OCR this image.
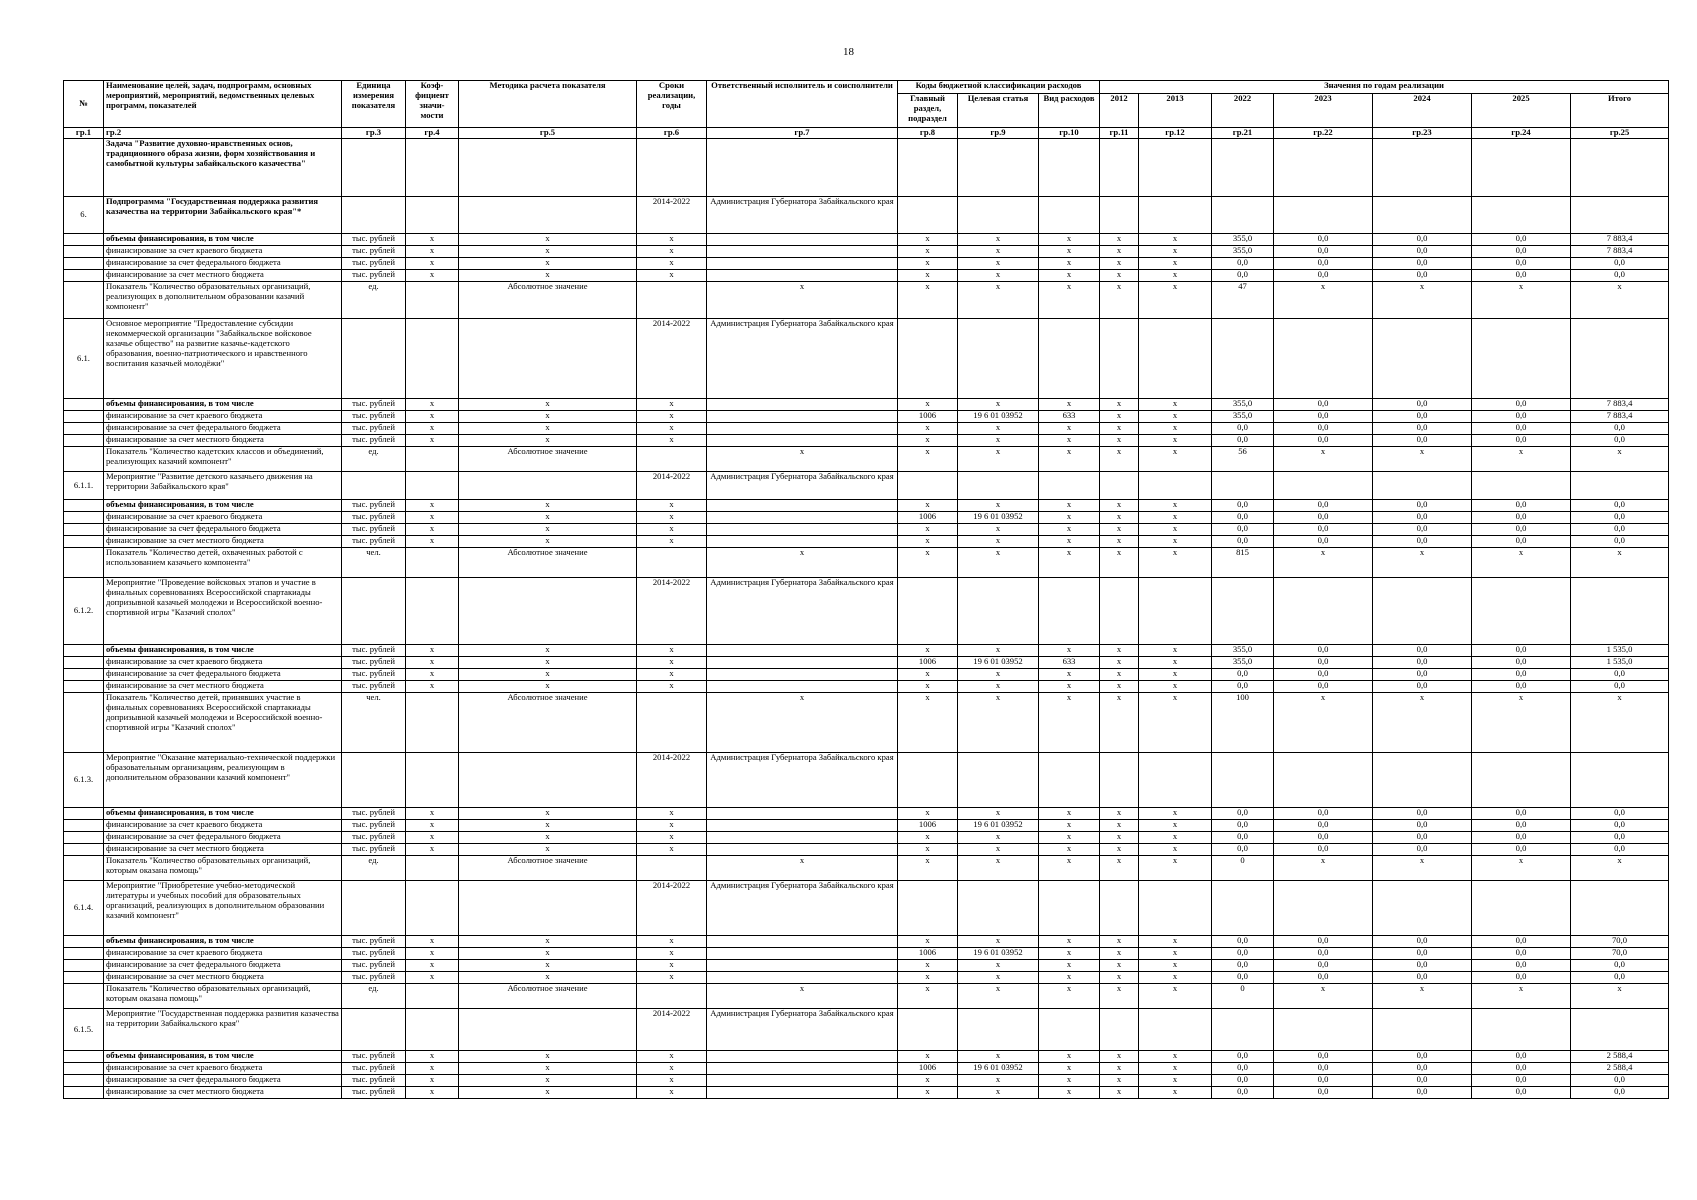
18
№	Наименование целей, задач, подпрограмм, основных мероприятий, мероприятий, ведомственных целевых программ, показателей	Единица измерения показателя	Коэф-фициент значи-мости	Методика расчета показателя	Сроки реализации, годы	Ответственный исполнитель и соисполнители	Коды бюджетной классификации расходов			Значения по годам реализации						
							Главный раздел, подраздел	Целевая статья	Вид расходов	2012	2013	2022	2023	2024	2025	Итого
гр.1	гр.2	гр.3	гр.4	гр.5	гр.6	гр.7	гр.8	гр.9	гр.10	гр.11	гр.12	гр.21	гр.22	гр.23	гр.24	гр.25
	Задача "Развитие духовно-нравственных основ, традиционного образа жизни, форм хозяйствования и самобытной культуры забайкальского казачества"															
6.	Подпрограмма "Государственная поддержка развития казачества на территории Забайкальского края"*				2014-2022	Администрация Губернатора Забайкальского края										
	объемы финансирования, в том числе	тыс. рублей	х	х	х		х	х	х	х	х	355,0	0,0	0,0	0,0	7 883,4
	финансирование за счет краевого бюджета	тыс. рублей	х	х	х		х	х	х	х	х	355,0	0,0	0,0	0,0	7 883,4
	финансирование за счет федерального бюджета	тыс. рублей	х	х	х		х	х	х	х	х	0,0	0,0	0,0	0,0	0,0
	финансирование за счет местного бюджета	тыс. рублей	х	х	х		х	х	х	х	х	0,0	0,0	0,0	0,0	0,0
	Показатель "Количество образовательных организаций, реализующих в дополнительном образовании казачий компонент"	ед.		Абсолютное значение		х	х	х	х	х	х	47	х	х	х	х
6.1.	Основное мероприятие "Предоставление субсидии некоммерческой организации "Забайкальское войсковое казачье общество" на развитие казачье-кадетского образования, военно-патриотического и нравственного воспитания казачьей молодёжи"				2014-2022	Администрация Губернатора Забайкальского края										
	объемы финансирования, в том числе	тыс. рублей	х	х	х		х	х	х	х	х	355,0	0,0	0,0	0,0	7 883,4
	финансирование за счет краевого бюджета	тыс. рублей	х	х	х		1006	19 6 01 03952	633	х	х	355,0	0,0	0,0	0,0	7 883,4
	финансирование за счет федерального бюджета	тыс. рублей	х	х	х		х	х	х	х	х	0,0	0,0	0,0	0,0	0,0
	финансирование за счет местного бюджета	тыс. рублей	х	х	х		х	х	х	х	х	0,0	0,0	0,0	0,0	0,0
	Показатель "Количество кадетских классов и объединений, реализующих казачий компонент"	ед.		Абсолютное значение		х	х	х	х	х	х	56	х	х	х	х
6.1.1.	Мероприятие "Развитие детского казачьего движения на территории Забайкальского края"				2014-2022	Администрация Губернатора Забайкальского края										
	объемы финансирования, в том числе	тыс. рублей	х	х	х		х	х	х	х	х	0,0	0,0	0,0	0,0	0,0
	финансирование за счет краевого бюджета	тыс. рублей	х	х	х		1006	19 6 01 03952	х	х	х	0,0	0,0	0,0	0,0	0,0
	финансирование за счет федерального бюджета	тыс. рублей	х	х	х		х	х	х	х	х	0,0	0,0	0,0	0,0	0,0
	финансирование за счет местного бюджета	тыс. рублей	х	х	х		х	х	х	х	х	0,0	0,0	0,0	0,0	0,0
	Показатель "Количество детей, охваченных работой с использованием казачьего компонента"	чел.		Абсолютное значение		х	х	х	х	х	х	815	х	х	х	х
6.1.2.	Мероприятие "Проведение войсковых этапов и участие в финальных соревнованиях Всероссийской спартакиады допризывной казачьей молодежи и Всероссийской военно-спортивной игры "Казачий сполох"				2014-2022	Администрация Губернатора Забайкальского края										
	объемы финансирования, в том числе	тыс. рублей	х	х	х		х	х	х	х	х	355,0	0,0	0,0	0,0	1 535,0
	финансирование за счет краевого бюджета	тыс. рублей	х	х	х		1006	19 6 01 03952	633	х	х	355,0	0,0	0,0	0,0	1 535,0
	финансирование за счет федерального бюджета	тыс. рублей	х	х	х		х	х	х	х	х	0,0	0,0	0,0	0,0	0,0
	финансирование за счет местного бюджета	тыс. рублей	х	х	х		х	х	х	х	х	0,0	0,0	0,0	0,0	0,0
	Показатель "Количество детей, принявших участие в финальных соревнованиях Всероссийской спартакиады допризывной казачьей молодежи и Всероссийской военно-спортивной игры "Казачий сполох"	чел.		Абсолютное значение		х	х	х	х	х	х	100	х	х	х	х
6.1.3.	Мероприятие "Оказание материально-технической поддержки образовательным организациям, реализующим в дополнительном образовании казачий компонент"				2014-2022	Администрация Губернатора Забайкальского края										
	объемы финансирования, в том числе	тыс. рублей	х	х	х		х	х	х	х	х	0,0	0,0	0,0	0,0	0,0
	финансирование за счет краевого бюджета	тыс. рублей	х	х	х		1006	19 6 01 03952	х	х	х	0,0	0,0	0,0	0,0	0,0
	финансирование за счет федерального бюджета	тыс. рублей	х	х	х		х	х	х	х	х	0,0	0,0	0,0	0,0	0,0
	финансирование за счет местного бюджета	тыс. рублей	х	х	х		х	х	х	х	х	0,0	0,0	0,0	0,0	0,0
	Показатель "Количество образовательных организаций, которым оказана помощь"	ед.		Абсолютное значение		х	х	х	х	х	х	0	х	х	х	х
6.1.4.	Мероприятие "Приобретение учебно-методической литературы и учебных пособий для образовательных организаций, реализующих в дополнительном образовании казачий компонент"				2014-2022	Администрация Губернатора Забайкальского края										
	объемы финансирования, в том числе	тыс. рублей	х	х	х		х	х	х	х	х	0,0	0,0	0,0	0,0	70,0
	финансирование за счет краевого бюджета	тыс. рублей	х	х	х		1006	19 6 01 03952	х	х	х	0,0	0,0	0,0	0,0	70,0
	финансирование за счет федерального бюджета	тыс. рублей	х	х	х		х	х	х	х	х	0,0	0,0	0,0	0,0	0,0
	финансирование за счет местного бюджета	тыс. рублей	х	х	х		х	х	х	х	х	0,0	0,0	0,0	0,0	0,0
	Показатель "Количество образовательных организаций, которым оказана помощь"	ед.		Абсолютное значение		х	х	х	х	х	х	0	х	х	х	х
6.1.5.	Мероприятие "Государственная поддержка развития казачества на территории Забайкальского края"				2014-2022	Администрация Губернатора Забайкальского края										
	объемы финансирования, в том числе	тыс. рублей	х	х	х		х	х	х	х	х	0,0	0,0	0,0	0,0	2 588,4
	финансирование за счет краевого бюджета	тыс. рублей	х	х	х		1006	19 6 01 03952	х	х	х	0,0	0,0	0,0	0,0	2 588,4
	финансирование за счет федерального бюджета	тыс. рублей	х	х	х		х	х	х	х	х	0,0	0,0	0,0	0,0	0,0
	финансирование за счет местного бюджета	тыс. рублей	х	х	х		х	х	х	х	х	0,0	0,0	0,0	0,0	0,0
